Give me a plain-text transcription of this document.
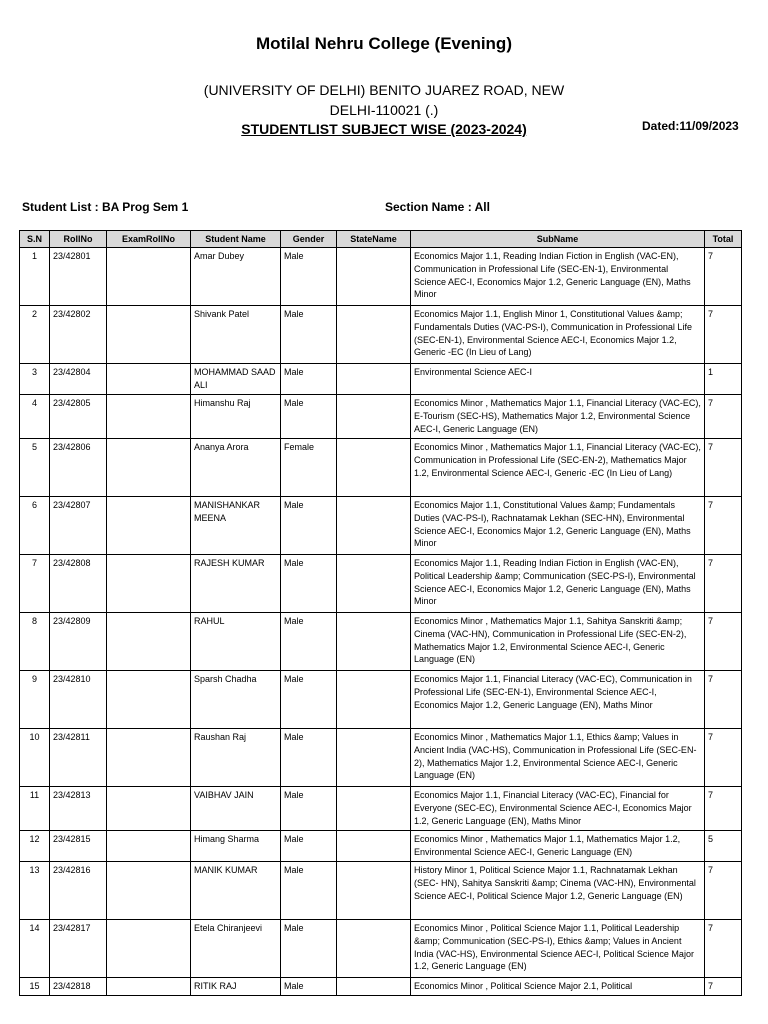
Motilal Nehru College (Evening)
(UNIVERSITY OF DELHI) BENITO JUAREZ ROAD, NEW
DELHI-110021 (.)
STUDENTLIST SUBJECT WISE (2023-2024)	Dated:11/09/2023
Student List : BA Prog Sem 1	Section Name : All
S.N	RollNo	ExamRollNo	Student Name	Gender	StateName	SubName	Total
1	23/42801		Amar Dubey	Male		Economics Major 1.1, Reading Indian Fiction in English (VAC-EN), Communication in Professional Life (SEC-EN-1), Environmental Science AEC-I, Economics Major 1.2, Generic Language (EN), Maths Minor	7
2	23/42802		Shivank Patel	Male		Economics Major 1.1, English Minor 1, Constitutional Values &amp; Fundamentals Duties (VAC-PS-I), Communication in Professional Life (SEC-EN-1), Environmental Science AEC-I, Economics Major 1.2, Generic -EC (In Lieu of Lang)	7
3	23/42804		MOHAMMAD SAAD ALI	Male		Environmental Science AEC-I	1
4	23/42805		Himanshu Raj	Male		Economics Minor , Mathematics Major 1.1, Financial Literacy (VAC-EC), E-Tourism (SEC-HS), Mathematics Major 1.2, Environmental Science AEC-I, Generic Language (EN)	7
5	23/42806		Ananya Arora	Female		Economics Minor , Mathematics Major 1.1, Financial Literacy (VAC-EC), Communication in Professional Life (SEC-EN-2), Mathematics Major 1.2, Environmental Science AEC-I, Generic -EC (In Lieu of Lang)	7
6	23/42807		MANISHANKAR MEENA	Male		Economics Major 1.1, Constitutional Values &amp; Fundamentals Duties (VAC-PS-I), Rachnatamak Lekhan (SEC-HN), Environmental Science AEC-I, Economics Major 1.2, Generic Language (EN), Maths Minor	7
7	23/42808		RAJESH KUMAR	Male		Economics Major 1.1, Reading Indian Fiction in English (VAC-EN), Political Leadership &amp; Communication (SEC-PS-I), Environmental Science AEC-I, Economics Major 1.2, Generic Language (EN), Maths Minor	7
8	23/42809		RAHUL	Male		Economics Minor , Mathematics Major 1.1, Sahitya Sanskriti &amp; Cinema (VAC-HN), Communication in Professional Life (SEC-EN-2), Mathematics Major 1.2, Environmental Science AEC-I, Generic Language (EN)	7
9	23/42810		Sparsh Chadha	Male		Economics Major 1.1, Financial Literacy (VAC-EC), Communication in Professional Life (SEC-EN-1), Environmental Science AEC-I, Economics Major 1.2, Generic Language (EN), Maths Minor	7
10	23/42811		Raushan Raj	Male		Economics Minor , Mathematics Major 1.1, Ethics &amp; Values in Ancient India (VAC-HS), Communication in Professional Life (SEC-EN-2), Mathematics Major 1.2, Environmental Science AEC-I, Generic Language (EN)	7
11	23/42813		VAIBHAV JAIN	Male		Economics Major 1.1, Financial Literacy (VAC-EC), Financial for Everyone (SEC-EC), Environmental Science AEC-I, Economics Major 1.2, Generic Language (EN), Maths Minor	7
12	23/42815		Himang Sharma	Male		Economics Minor , Mathematics Major 1.1, Mathematics Major 1.2, Environmental Science AEC-I, Generic Language (EN)	5
13	23/42816		MANIK KUMAR	Male		History Minor 1, Political Science Major 1.1, Rachnatamak Lekhan (SEC- HN), Sahitya Sanskriti &amp; Cinema (VAC-HN), Environmental Science AEC-I, Political Science Major 1.2, Generic Language (EN)	7
14	23/42817		Etela Chiranjeevi	Male		Economics Minor , Political Science Major 1.1, Political Leadership &amp; Communication (SEC-PS-I), Ethics &amp; Values in Ancient India (VAC-HS), Environmental Science AEC-I, Political Science Major 1.2, Generic Language (EN)	7
15	23/42818		RITIK RAJ	Male		Economics Minor , Political Science Major 2.1, Political	7
